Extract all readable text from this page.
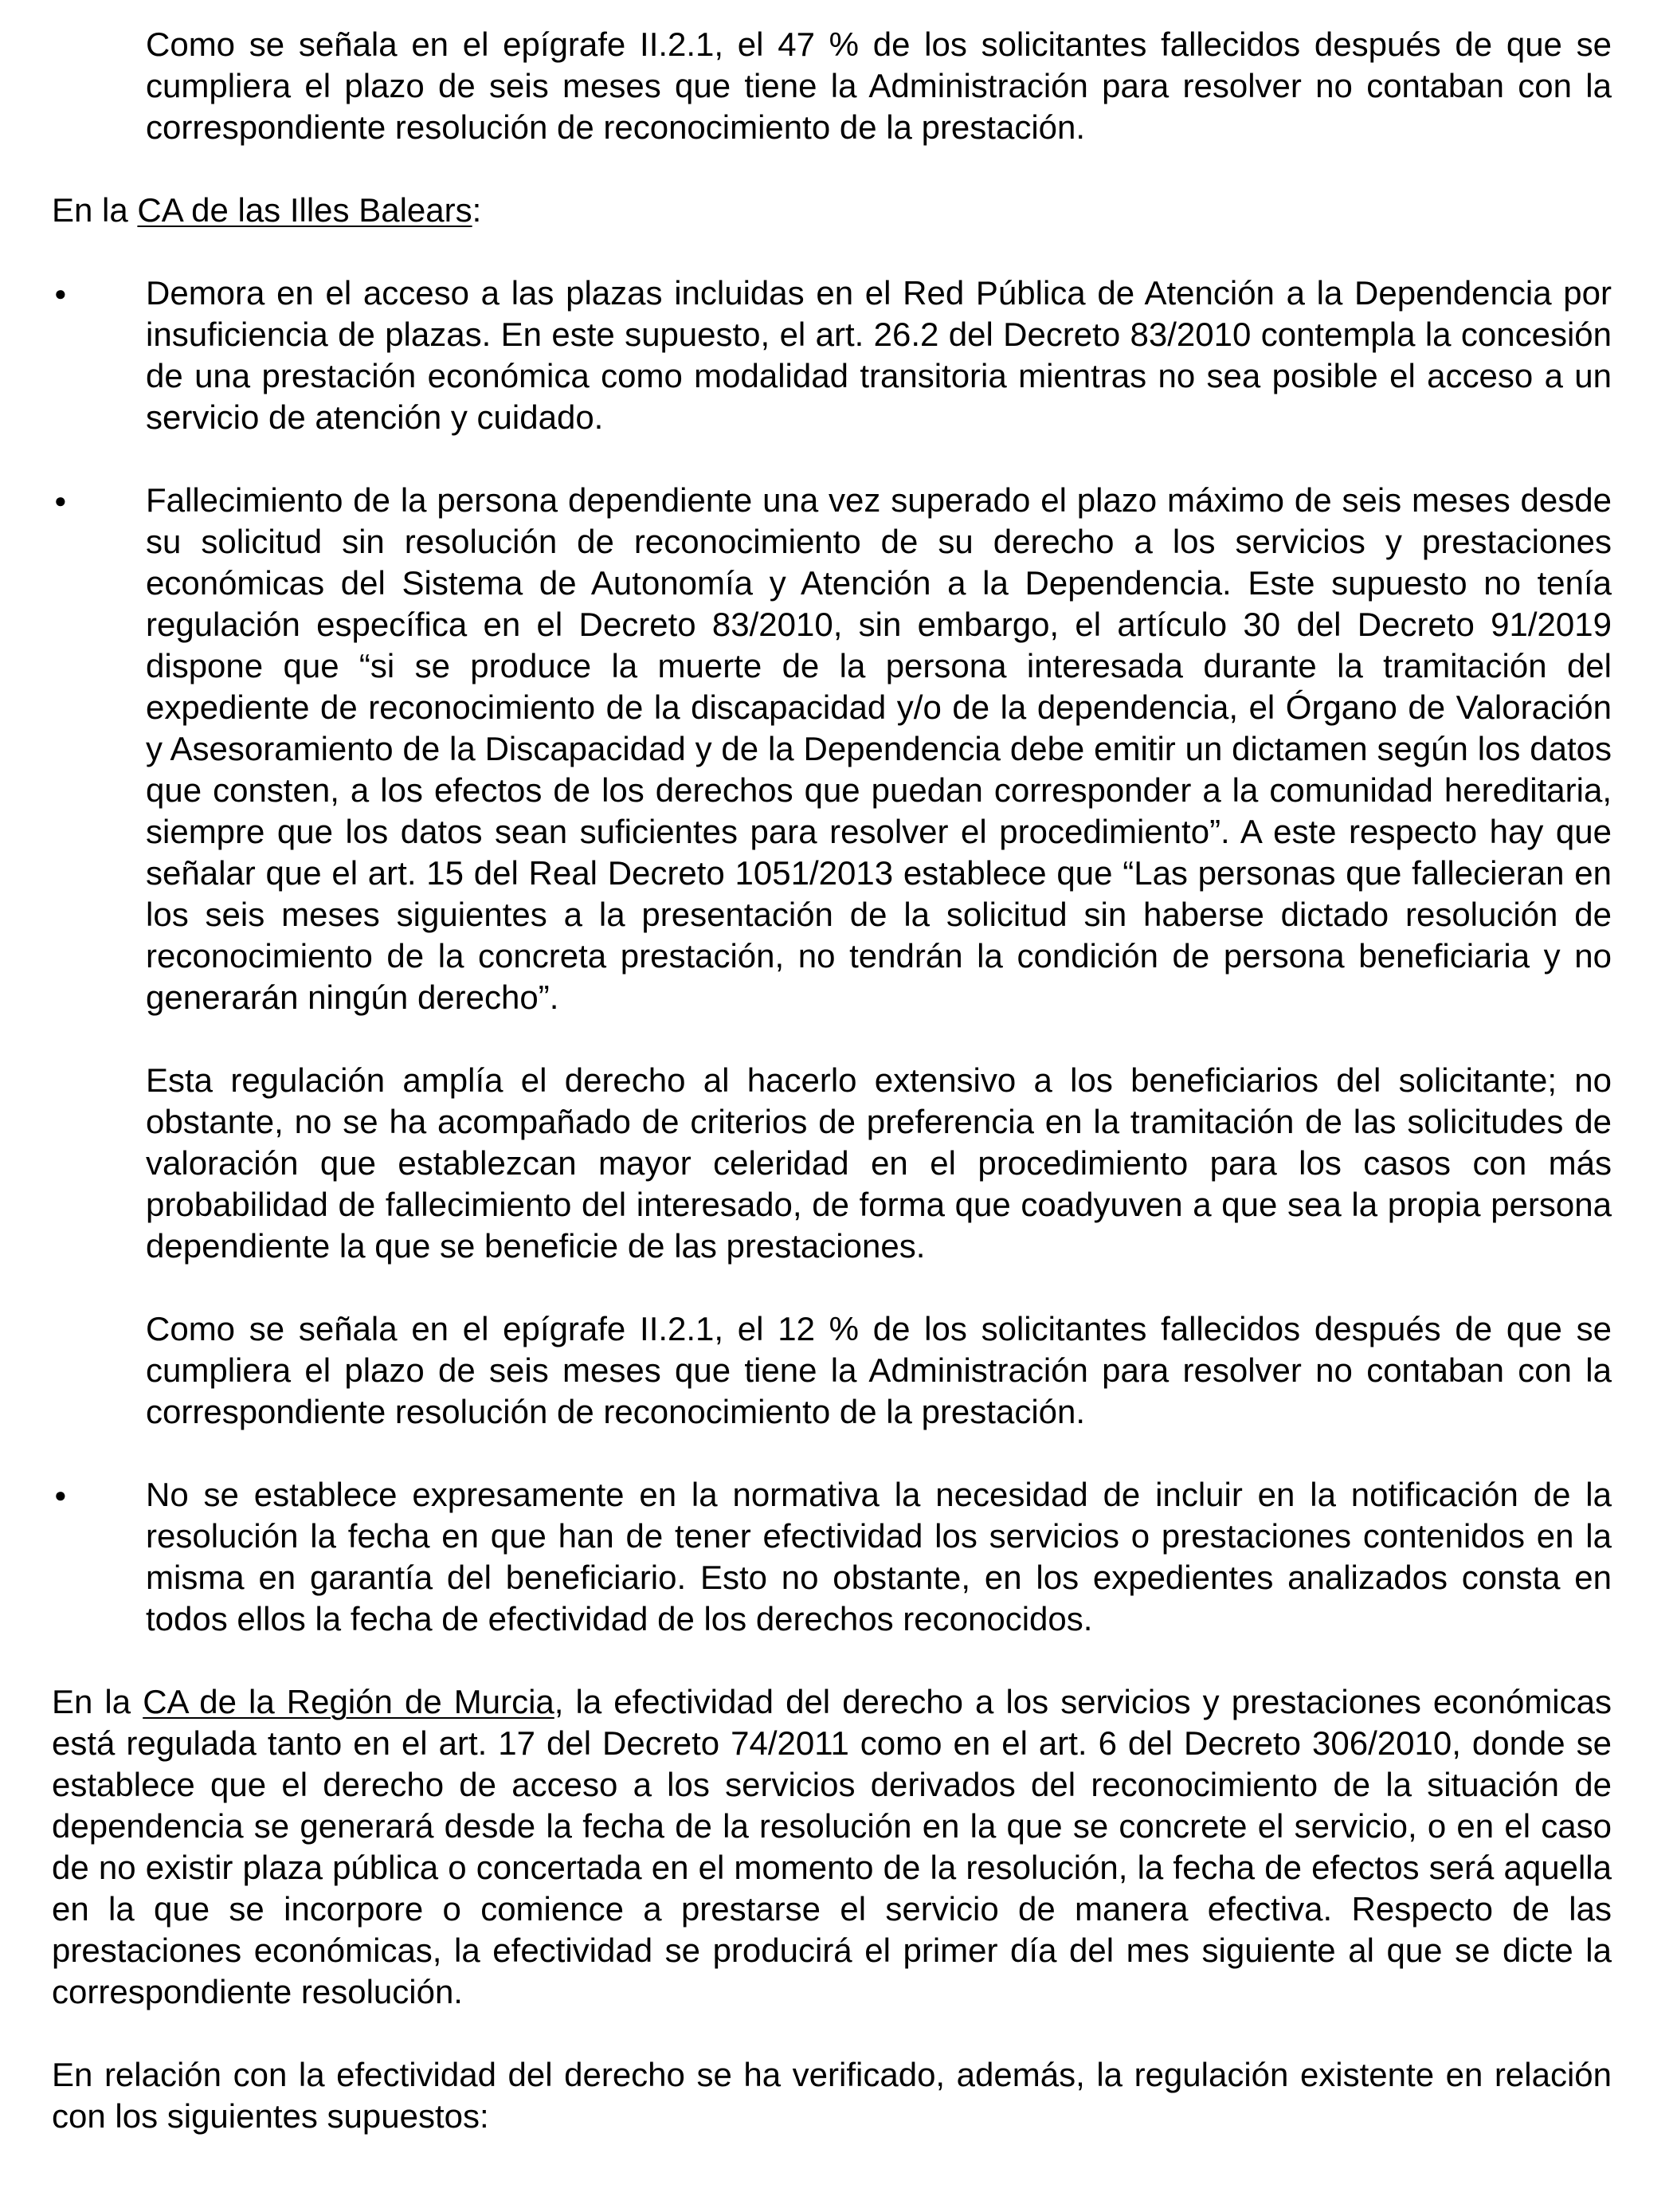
Como se señala en el epígrafe II.2.1, el 47 % de los solicitantes fallecidos después de que se cumpliera el plazo de seis meses que tiene la Administración para resolver no contaban con la correspondiente resolución de reconocimiento de la prestación.

En la CA de las Illes Balears:

● Demora en el acceso a las plazas incluidas en el Red Pública de Atención a la Dependencia por insuficiencia de plazas. En este supuesto, el art. 26.2 del Decreto 83/2010 contempla la concesión de una prestación económica como modalidad transitoria mientras no sea posible el acceso a un servicio de atención y cuidado.

● Fallecimiento de la persona dependiente una vez superado el plazo máximo de seis meses desde su solicitud sin resolución de reconocimiento de su derecho a los servicios y prestaciones económicas del Sistema de Autonomía y Atención a la Dependencia. Este supuesto no tenía regulación específica en el Decreto 83/2010, sin embargo, el artículo 30 del Decreto 91/2019 dispone que “si se produce la muerte de la persona interesada durante la tramitación del expediente de reconocimiento de la discapacidad y/o de la dependencia, el Órgano de Valoración y Asesoramiento de la Discapacidad y de la Dependencia debe emitir un dictamen según los datos que consten, a los efectos de los derechos que puedan corresponder a la comunidad hereditaria, siempre que los datos sean suficientes para resolver el procedimiento”. A este respecto hay que señalar que el art. 15 del Real Decreto 1051/2013 establece que “Las personas que fallecieran en los seis meses siguientes a la presentación de la solicitud sin haberse dictado resolución de reconocimiento de la concreta prestación, no tendrán la condición de persona beneficiaria y no generarán ningún derecho”.

Esta regulación amplía el derecho al hacerlo extensivo a los beneficiarios del solicitante; no obstante, no se ha acompañado de criterios de preferencia en la tramitación de las solicitudes de valoración que establezcan mayor celeridad en el procedimiento para los casos con más probabilidad de fallecimiento del interesado, de forma que coadyuven a que sea la propia persona dependiente la que se beneficie de las prestaciones.

Como se señala en el epígrafe II.2.1, el 12 % de los solicitantes fallecidos después de que se cumpliera el plazo de seis meses que tiene la Administración para resolver no contaban con la correspondiente resolución de reconocimiento de la prestación.

● No se establece expresamente en la normativa la necesidad de incluir en la notificación de la resolución la fecha en que han de tener efectividad los servicios o prestaciones contenidos en la misma en garantía del beneficiario. Esto no obstante, en los expedientes analizados consta en todos ellos la fecha de efectividad de los derechos reconocidos.

En la CA de la Región de Murcia, la efectividad del derecho a los servicios y prestaciones económicas está regulada tanto en el art. 17 del Decreto 74/2011 como en el art. 6 del Decreto 306/2010, donde se establece que el derecho de acceso a los servicios derivados del reconocimiento de la situación de dependencia se generará desde la fecha de la resolución en la que se concrete el servicio, o en el caso de no existir plaza pública o concertada en el momento de la resolución, la fecha de efectos será aquella en la que se incorpore o comience a prestarse el servicio de manera efectiva. Respecto de las prestaciones económicas, la efectividad se producirá el primer día del mes siguiente al que se dicte la correspondiente resolución.

En relación con la efectividad del derecho se ha verificado, además, la regulación existente en relación con los siguientes supuestos:
